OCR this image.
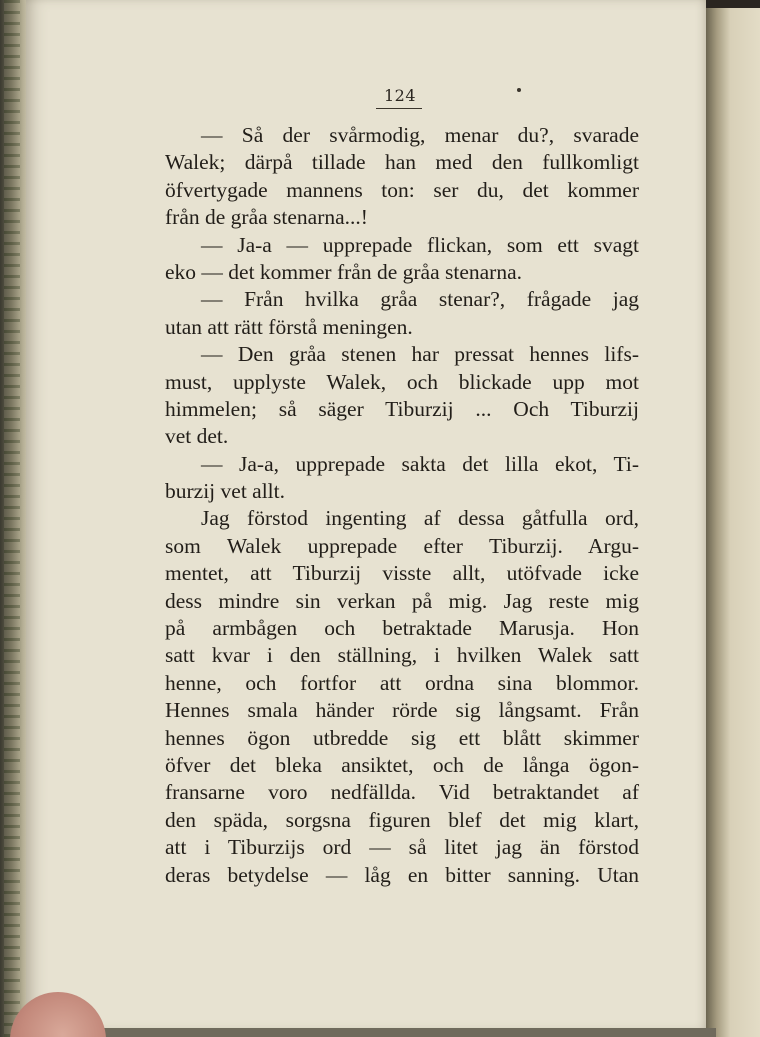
124
— Så der svårmodig, menar du?, svarade
Walek; därpå tillade han med den fullkomligt
öfvertygade mannens ton: ser du, det kommer
från de gråa stenarna...!
— Ja-a — upprepade flickan, som ett svagt
eko — det kommer från de gråa stenarna.
— Från hvilka gråa stenar?, frågade jag
utan att rätt förstå meningen.
— Den gråa stenen har pressat hennes lifs-
must, upplyste Walek, och blickade upp mot
himmelen; så säger Tiburzij ... Och Tiburzij
vet det.
— Ja-a, upprepade sakta det lilla ekot, Ti-
burzij vet allt.
Jag förstod ingenting af dessa gåtfulla ord,
som Walek upprepade efter Tiburzij. Argu-
mentet, att Tiburzij visste allt, utöfvade icke
dess mindre sin verkan på mig. Jag reste mig
på armbågen och betraktade Marusja. Hon
satt kvar i den ställning, i hvilken Walek satt
henne, och fortfor att ordna sina blommor.
Hennes smala händer rörde sig långsamt. Från
hennes ögon utbredde sig ett blått skimmer
öfver det bleka ansiktet, och de långa ögon-
fransarne voro nedfällda. Vid betraktandet af
den späda, sorgsna figuren blef det mig klart,
att i Tiburzijs ord — så litet jag än förstod
deras betydelse — låg en bitter sanning. Utan
